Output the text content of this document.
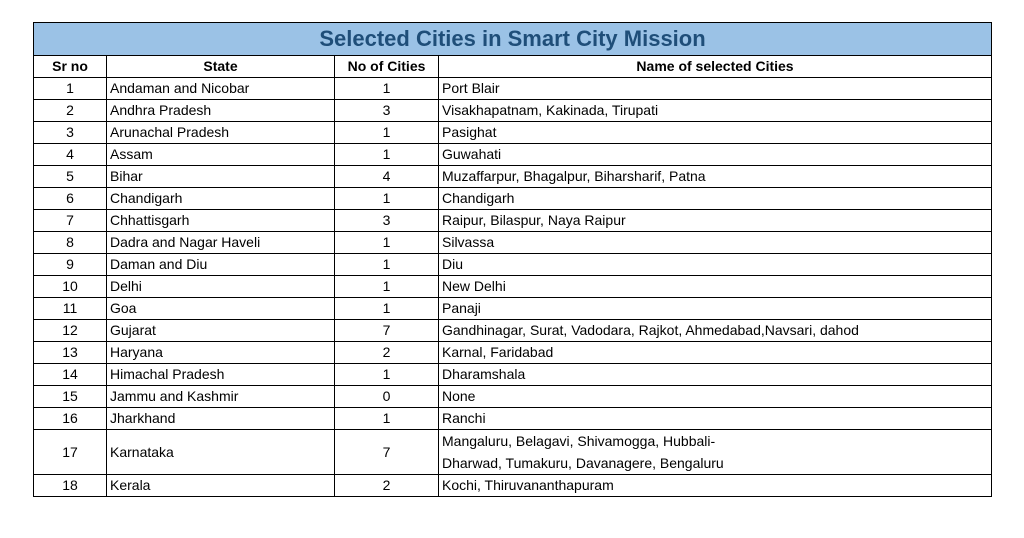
Selected Cities in Smart City Mission			
Sr no	State	No of Cities	Name of selected Cities
1	Andaman and Nicobar	1	Port Blair

2	Andhra Pradesh	3	Visakhapatnam, Kakinada, Tirupati

3	Arunachal Pradesh	1	Pasighat

4	Assam	1	Guwahati

5	Bihar	4	Muzaffarpur, Bhagalpur, Biharsharif, Patna

6	Chandigarh	1	Chandigarh

7	Chhattisgarh	3	Raipur, Bilaspur, Naya Raipur

8	Dadra and Nagar Haveli	1	Silvassa

9	Daman and Diu	1	Diu

10	Delhi	1	New Delhi

11	Goa	1	Panaji

12	Gujarat	7	Gandhinagar, Surat, Vadodara, Rajkot, Ahmedabad,Navsari, dahod

13	Haryana	2	Karnal, Faridabad

14	Himachal Pradesh	1	Dharamshala

15	Jammu and Kashmir	0	None

16	Jharkhand	1	Ranchi

17	Karnataka	7	Mangaluru, Belagavi, Shivamogga, Hubbali-
Dharwad, Tumakuru, Davanagere, Bengaluru

18	Kerala	2	Kochi, Thiruvananthapuram
